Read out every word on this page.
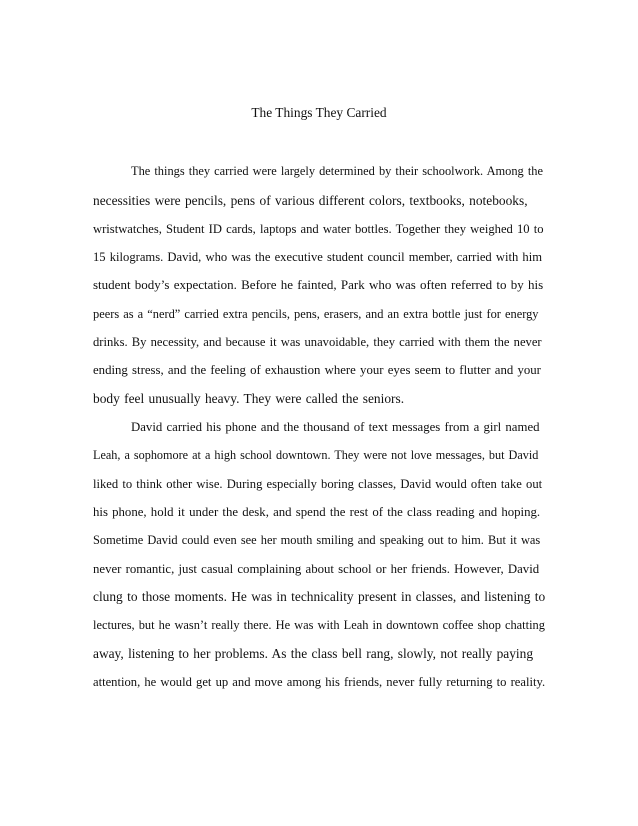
The Things They Carried
The things they carried were largely determined by their schoolwork. Among the
necessities were pencils, pens of various different colors, textbooks, notebooks,
wristwatches, Student ID cards, laptops and water bottles. Together they weighed 10 to
15 kilograms. David, who was the executive student council member, carried with him
student body’s expectation. Before he fainted, Park who was often referred to by his
peers as a “nerd” carried extra pencils, pens, erasers, and an extra bottle just for energy
drinks. By necessity, and because it was unavoidable, they carried with them the never
ending stress, and the feeling of exhaustion where your eyes seem to flutter and your
body feel unusually heavy. They were called the seniors.
David carried his phone and the thousand of text messages from a girl named
Leah, a sophomore at a high school downtown. They were not love messages, but David
liked to think other wise. During especially boring classes, David would often take out
his phone, hold it under the desk, and spend the rest of the class reading and hoping.
Sometime David could even see her mouth smiling and speaking out to him. But it was
never romantic, just casual complaining about school or her friends. However, David
clung to those moments. He was in technicality present in classes, and listening to
lectures, but he wasn’t really there. He was with Leah in downtown coffee shop chatting
away, listening to her problems. As the class bell rang, slowly, not really paying
attention, he would get up and move among his friends, never fully returning to reality.
